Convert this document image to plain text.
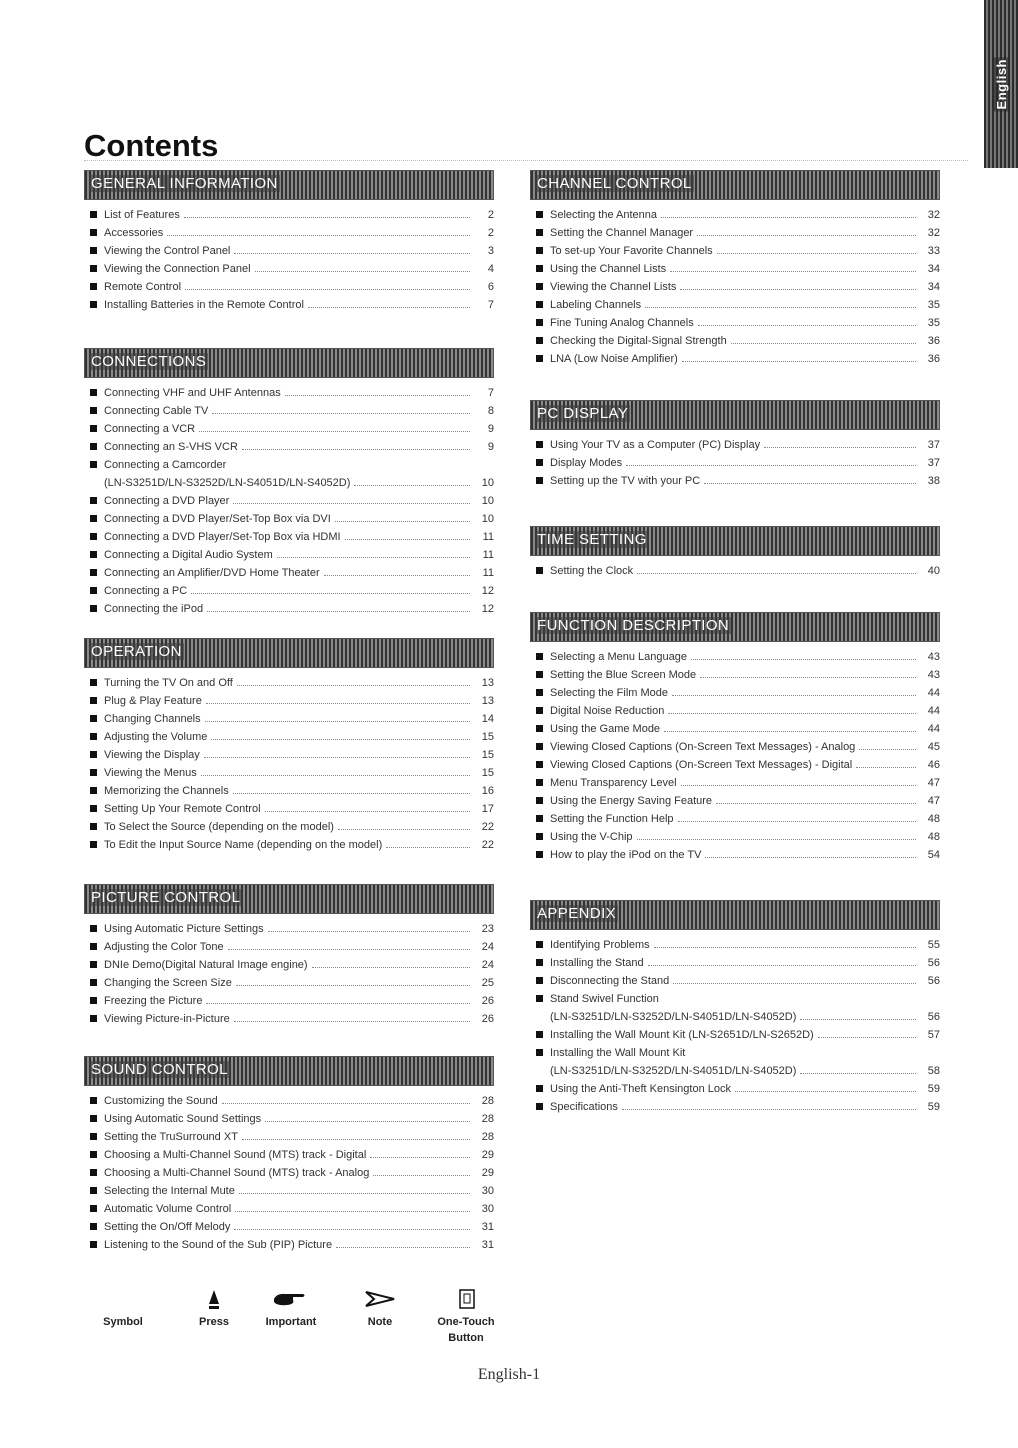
English
Contents
GENERAL INFORMATION
List of Features	2
Accessories	2
Viewing the Control Panel	3
Viewing the Connection Panel	4
Remote Control	6
Installing Batteries in the Remote Control	7
CONNECTIONS
Connecting VHF and UHF Antennas	7
Connecting Cable TV	8
Connecting a VCR	9
Connecting an S-VHS VCR	9
Connecting a Camcorder
(LN-S3251D/LN-S3252D/LN-S4051D/LN-S4052D)	10
Connecting a DVD Player	10
Connecting a DVD Player/Set-Top Box via DVI	10
Connecting a DVD Player/Set-Top Box via HDMI	11
Connecting a Digital Audio System	11
Connecting an Amplifier/DVD Home Theater	11
Connecting a PC	12
Connecting the iPod	12
OPERATION
Turning the TV On and Off	13
Plug & Play Feature	13
Changing Channels	14
Adjusting the Volume	15
Viewing the Display	15
Viewing the Menus	15
Memorizing the Channels	16
Setting Up Your Remote Control	17
To Select the Source (depending on the model)	22
To Edit the Input Source Name (depending on the model)	22
PICTURE CONTROL
Using Automatic Picture Settings	23
Adjusting the Color Tone	24
DNIe Demo(Digital Natural Image engine)	24
Changing the Screen Size	25
Freezing the Picture	26
Viewing Picture-in-Picture	26
SOUND CONTROL
Customizing the Sound	28
Using Automatic Sound Settings	28
Setting the TruSurround XT	28
Choosing a Multi-Channel Sound (MTS) track - Digital	29
Choosing a Multi-Channel Sound (MTS) track - Analog	29
Selecting the Internal Mute	30
Automatic Volume Control	30
Setting the On/Off Melody	31
Listening to the Sound of the Sub (PIP) Picture	31
CHANNEL CONTROL
Selecting the Antenna	32
Setting the Channel Manager	32
To set-up Your Favorite Channels	33
Using the Channel Lists	34
Viewing the Channel Lists	34
Labeling Channels	35
Fine Tuning Analog Channels	35
Checking the Digital-Signal Strength	36
LNA (Low Noise Amplifier)	36
PC DISPLAY
Using Your TV as a Computer (PC) Display	37
Display Modes	37
Setting up the TV with your PC	38
TIME SETTING
Setting the Clock	40
FUNCTION DESCRIPTION
Selecting a Menu Language	43
Setting the Blue Screen Mode	43
Selecting the Film Mode	44
Digital Noise Reduction	44
Using the Game Mode	44
Viewing Closed Captions (On-Screen Text Messages) - Analog	45
Viewing Closed Captions (On-Screen Text Messages) - Digital	46
Menu Transparency Level	47
Using the Energy Saving Feature	47
Setting the Function Help	48
Using the V-Chip	48
How to play the iPod on the TV	54
APPENDIX
Identifying Problems	55
Installing the Stand	56
Disconnecting the Stand	56
Stand Swivel Function
(LN-S3251D/LN-S3252D/LN-S4051D/LN-S4052D)	56
Installing the Wall Mount Kit (LN-S2651D/LN-S2652D)	57
Installing the Wall Mount Kit
(LN-S3251D/LN-S3252D/LN-S4051D/LN-S4052D)	58
Using the Anti-Theft Kensington Lock	59
Specifications	59
Symbol	Press	Important	Note	One-Touch Button
English-1
